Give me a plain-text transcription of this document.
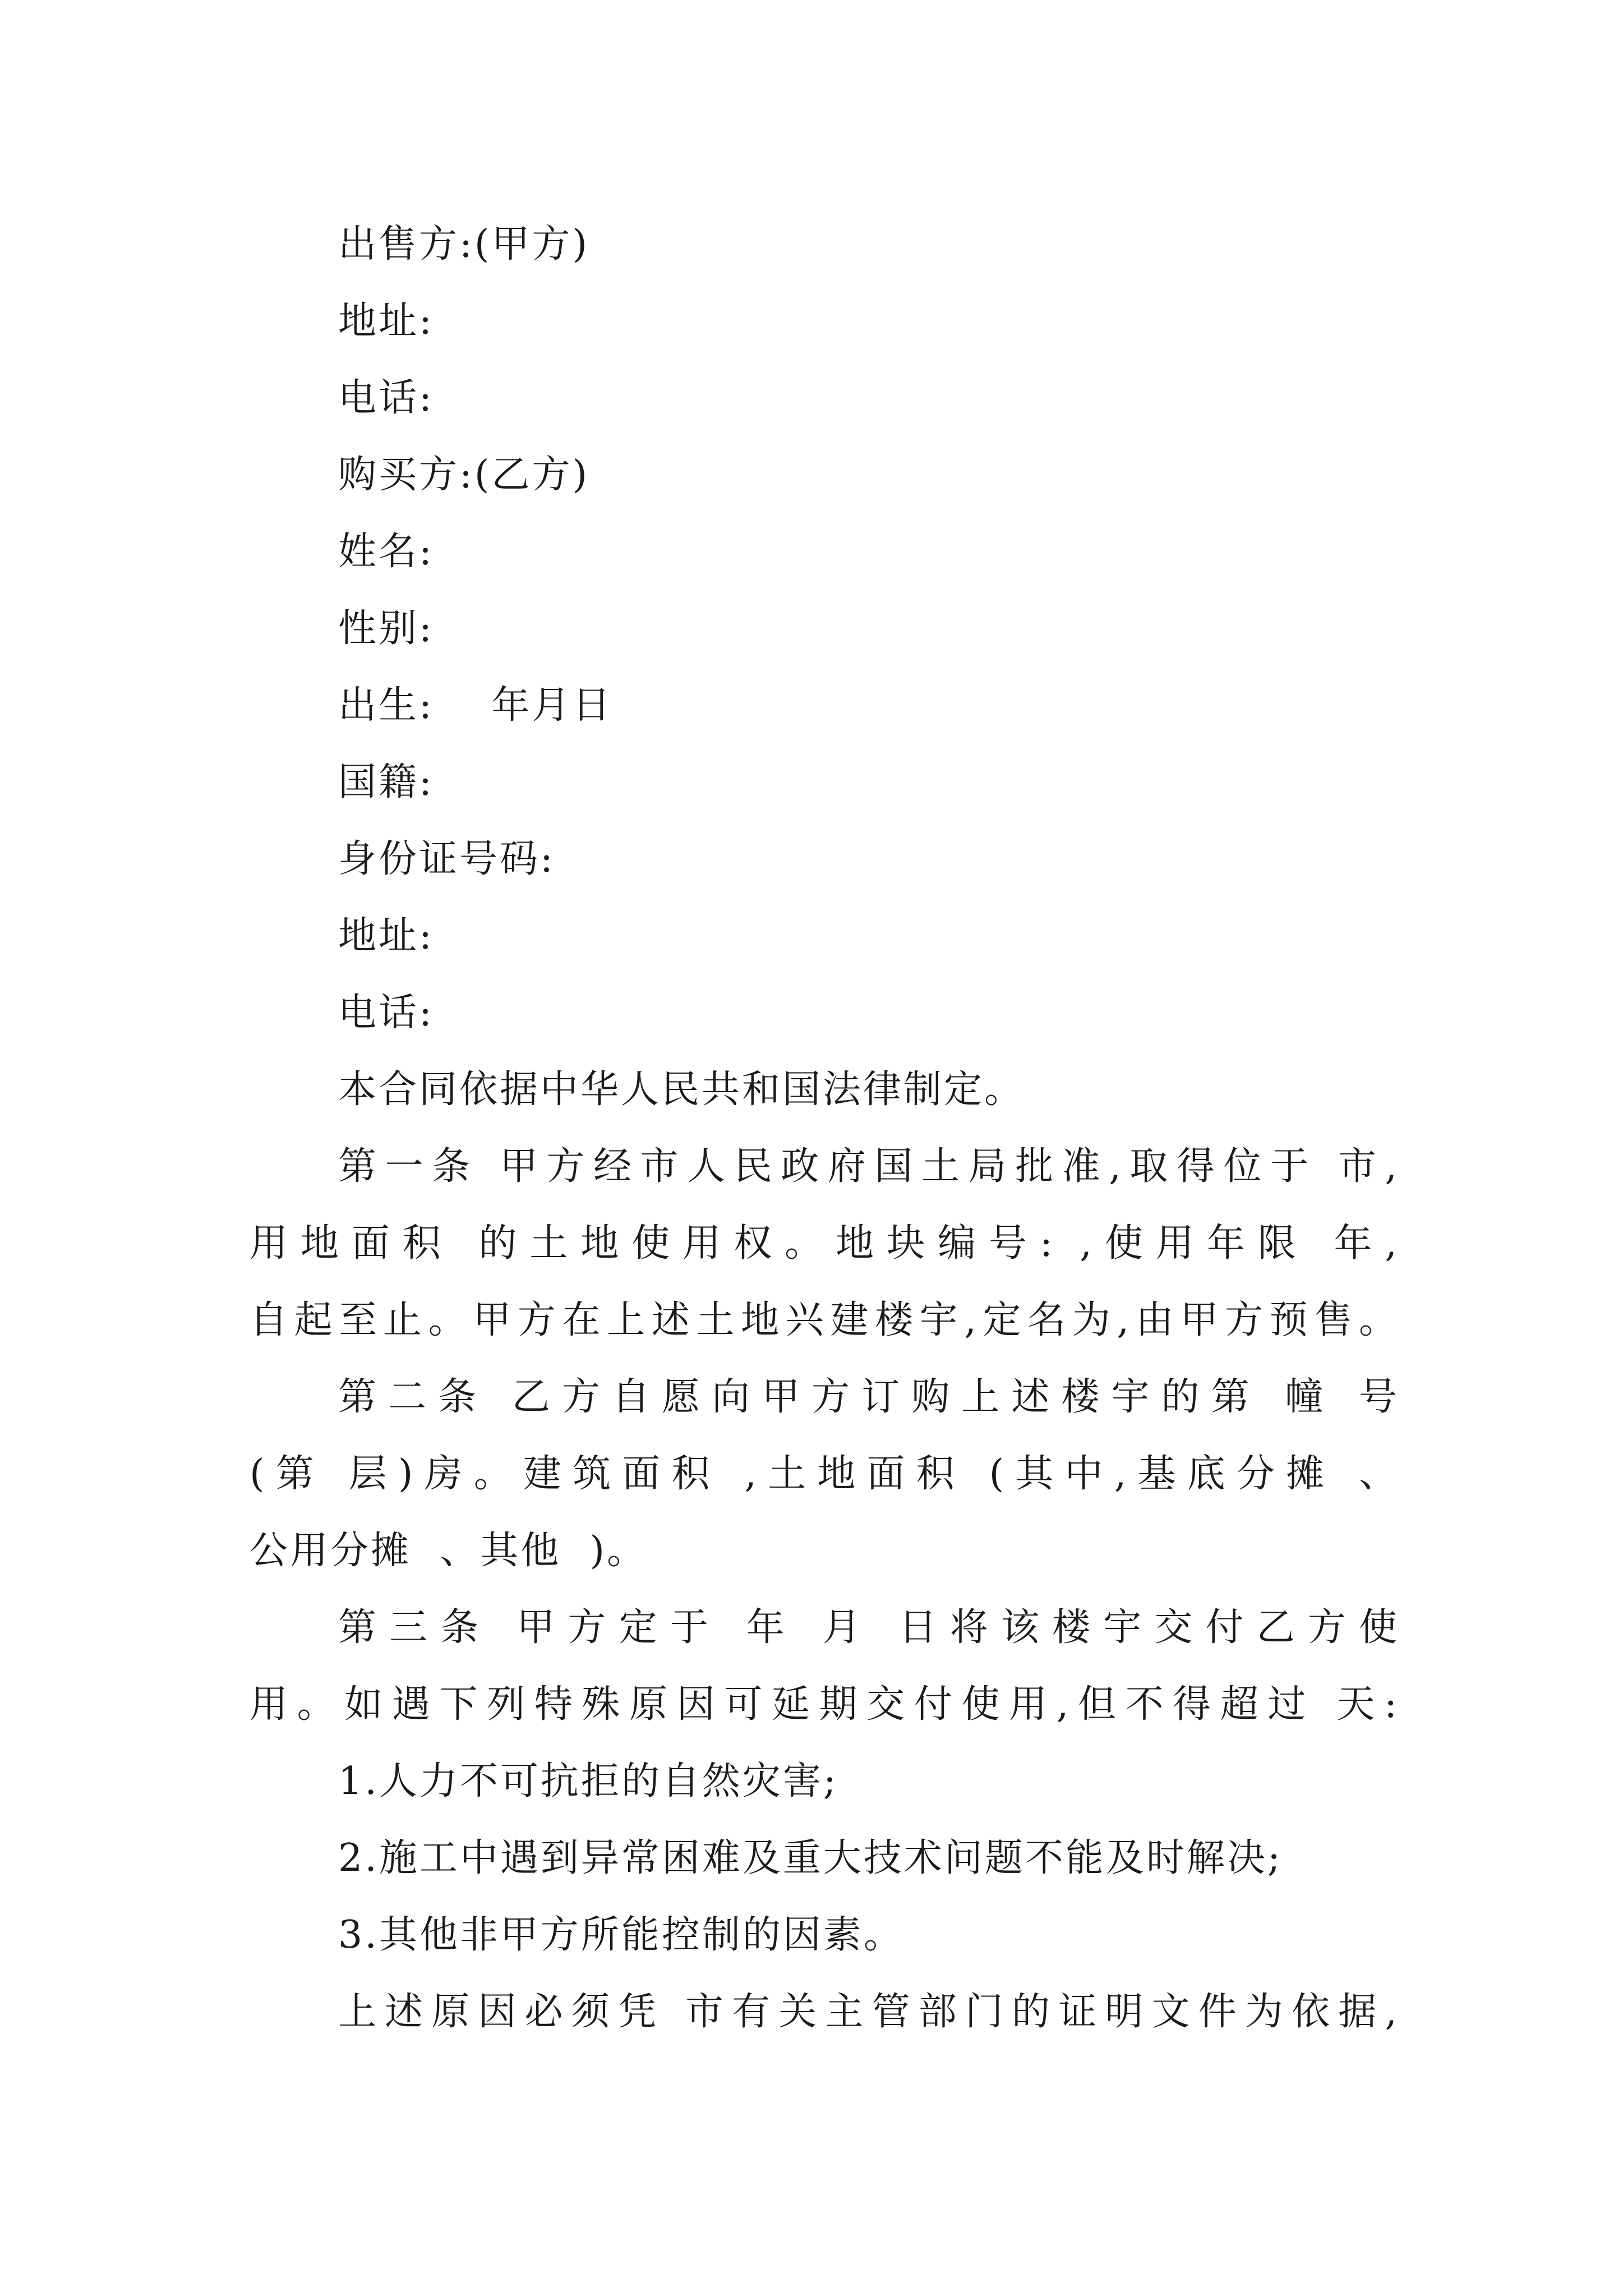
出售方:(甲方)
地址:
电话:
购买方:(乙方)
姓名:
性别:
出生:    年月日
国籍:
身份证号码:
地址:
电话:
本合同依据中华人民共和国法律制定。
第一条 甲方经市人民政府国土局批准,取得位于 市,
用地面积 的土地使用权。地块编号: ,使用年限 年,
自起至止。甲方在上述土地兴建楼宇,定名为,由甲方预售。
第二条 乙方自愿向甲方订购上述楼宇的第 幢 号
(第 层)房。建筑面积 ,土地面积 (其中,基底分摊 、
公用分摊  、其他  )。
第三条 甲方定于 年 月 日将该楼宇交付乙方使
用。如遇下列特殊原因可延期交付使用,但不得超过 天:
1.人力不可抗拒的自然灾害;
2.施工中遇到异常困难及重大技术问题不能及时解决;
3.其他非甲方所能控制的因素。
上述原因必须凭 市有关主管部门的证明文件为依据,
